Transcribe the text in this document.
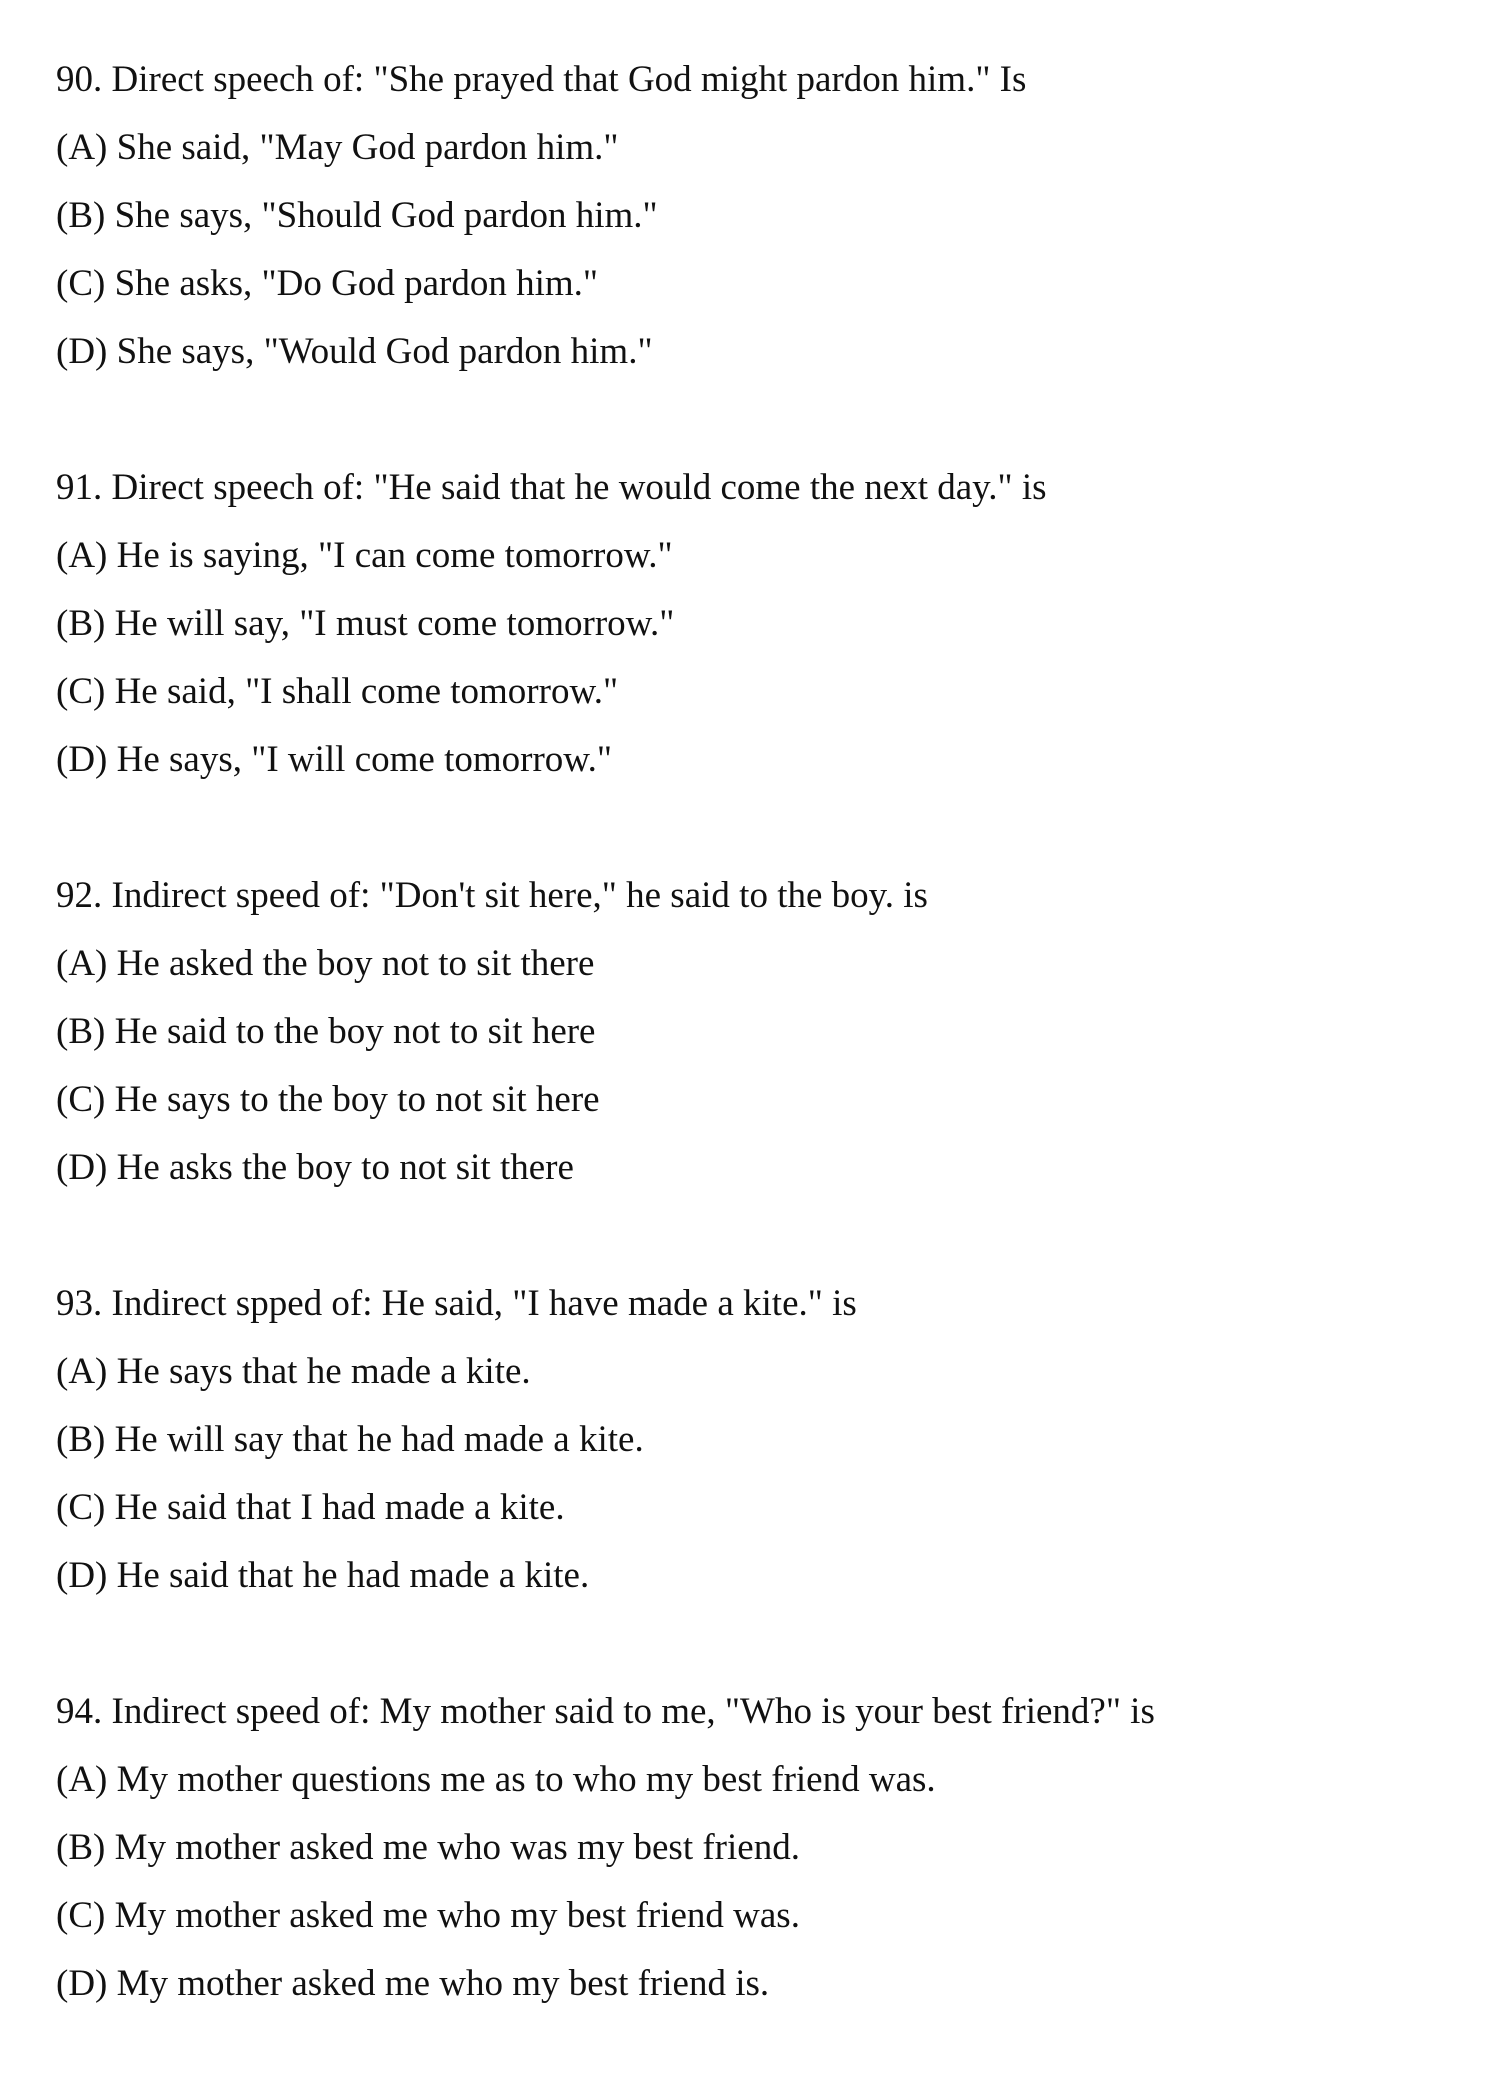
90. Direct speech of: "She prayed that God might pardon him." Is
(A) She said, "May God pardon him."
(B) She says, "Should God pardon him."
(C) She asks, "Do God pardon him."
(D) She says, "Would God pardon him."
91. Direct speech of: "He said that he would come the next day." is
(A) He is saying, "I can come tomorrow."
(B) He will say, "I must come tomorrow."
(C) He said, "I shall come tomorrow."
(D) He says, "I will come tomorrow."
92. Indirect speed of: "Don't sit here," he said to the boy. is
(A) He asked the boy not to sit there
(B) He said to the boy not to sit here
(C) He says to the boy to not sit here
(D) He asks the boy to not sit there
93. Indirect spped of: He said, "I have made a kite." is
(A) He says that he made a kite.
(B) He will say that he had made a kite.
(C) He said that I had made a kite.
(D) He said that he had made a kite.
94. Indirect speed of: My mother said to me, "Who is your best friend?" is
(A) My mother questions me as to who my best friend was.
(B) My mother asked me who was my best friend.
(C) My mother asked me who my best friend was.
(D) My mother asked me who my best friend is.
